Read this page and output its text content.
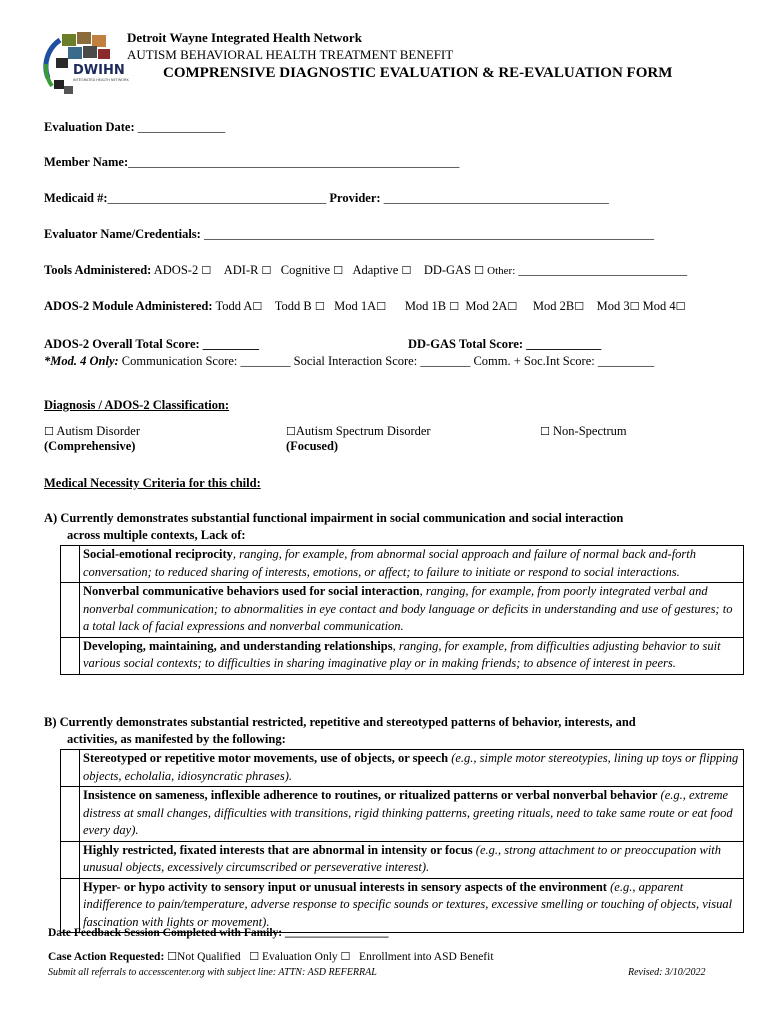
DWIHN
INTEGRATED HEALTH NETWORK
Detroit Wayne Integrated Health Network
AUTISM BEHAVIORAL HEALTH TREATMENT BENEFIT
COMPRENSIVE DIAGNOSTIC EVALUATION & RE-EVALUATION FORM
Evaluation Date: ______________
Member Name:_____________________________________________________
Medicaid #:___________________________________ Provider: ____________________________________
Evaluator Name/Credentials: ________________________________________________________________________
Tools Administered: ADOS-2 ☐ ADI-R ☐ Cognitive ☐ Adaptive ☐ DD-GAS ☐ Other: ___________________________
ADOS-2 Module Administered: Todd A☐ Todd B ☐ Mod 1A☐ Mod 1B ☐ Mod 2A☐ Mod 2B☐ Mod 3☐ Mod 4☐
ADOS-2 Overall Total Score: _________	DD-GAS Total Score: ____________
*Mod. 4 Only: Communication Score: ________ Social Interaction Score: ________ Comm. + Soc.Int Score: _________
Diagnosis / ADOS-2 Classification:
☐ Autism Disorder
(Comprehensive)
☐Autism Spectrum Disorder
(Focused)
☐ Non-Spectrum
Medical Necessity Criteria for this child:
A) Currently demonstrates substantial functional impairment in social communication and social interaction
across multiple contexts, Lack of:
	Social-emotional reciprocity, ranging, for example, from abnormal social approach and failure of normal back and-forth conversation; to reduced sharing of interests, emotions, or affect; to failure to initiate or respond to social interactions.
	Nonverbal communicative behaviors used for social interaction, ranging, for example, from poorly integrated verbal and nonverbal communication; to abnormalities in eye contact and body language or deficits in understanding and use of gestures; to a total lack of facial expressions and nonverbal communication.
	Developing, maintaining, and understanding relationships, ranging, for example, from difficulties adjusting behavior to suit various social contexts; to difficulties in sharing imaginative play or in making friends; to absence of interest in peers.
B) Currently demonstrates substantial restricted, repetitive and stereotyped patterns of behavior, interests, and
activities, as manifested by the following:
	Stereotyped or repetitive motor movements, use of objects, or speech (e.g., simple motor stereotypies, lining up toys or flipping objects, echolalia, idiosyncratic phrases).
	Insistence on sameness, inflexible adherence to routines, or ritualized patterns or verbal nonverbal behavior (e.g., extreme distress at small changes, difficulties with transitions, rigid thinking patterns, greeting rituals, need to take same route or eat food every day).
	Highly restricted, fixated interests that are abnormal in intensity or focus (e.g., strong attachment to or preoccupation with unusual objects, excessively circumscribed or perseverative interest).
	Hyper- or hypo activity to sensory input or unusual interests in sensory aspects of the environment (e.g., apparent indifference to pain/temperature, adverse response to specific sounds or textures, excessive smelling or touching of objects, visual fascination with lights or movement).
Date Feedback Session Completed with Family: __________________
Case Action Requested: ☐Not Qualified ☐ Evaluation Only ☐ Enrollment into ASD Benefit
Submit all referrals to accesscenter.org with subject line: ATTN: ASD REFERRAL	Revised: 3/10/2022
